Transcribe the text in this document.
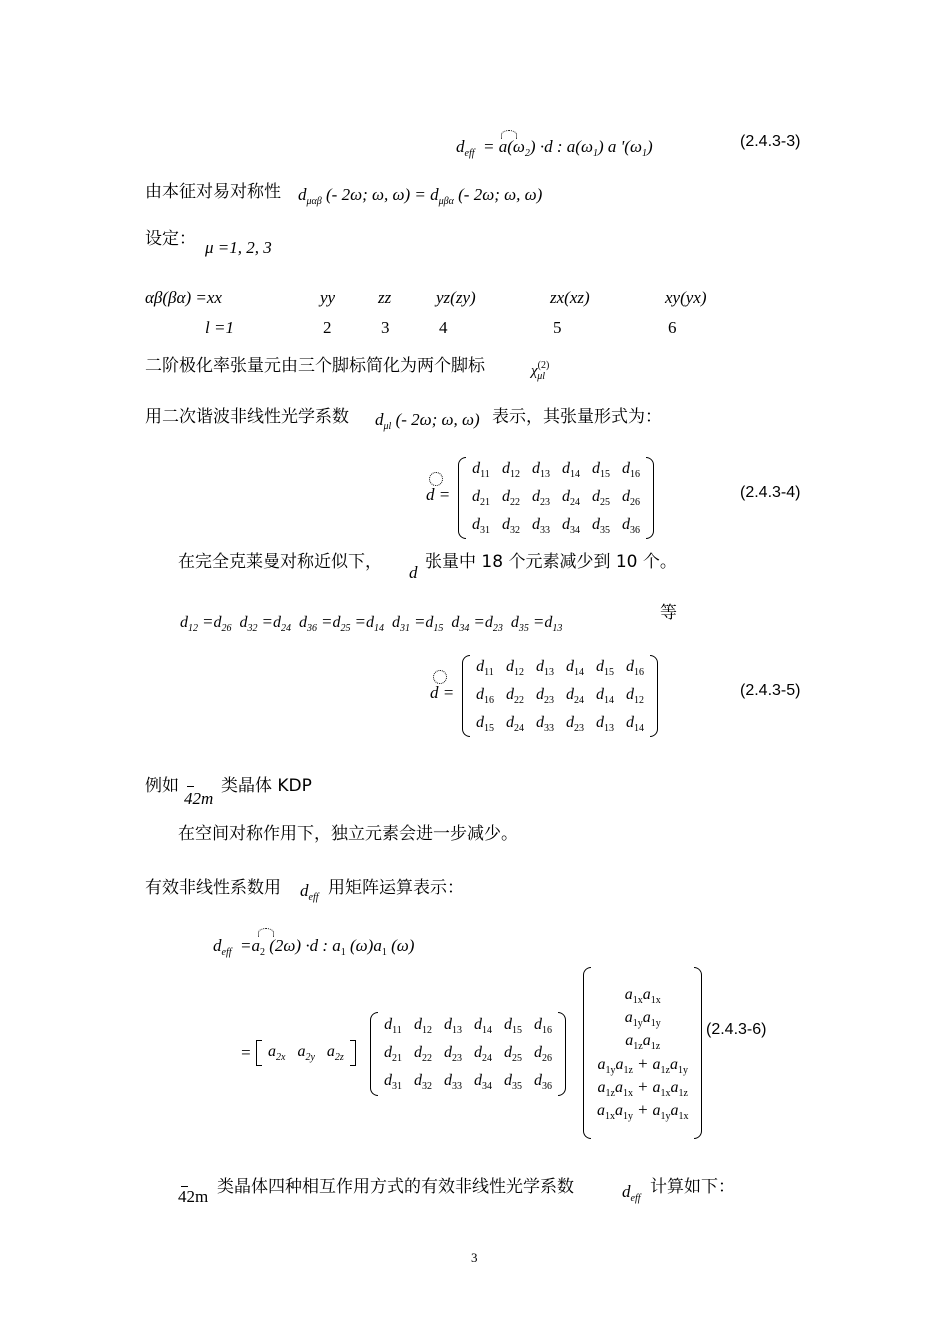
$d_{eff} = a(\omega_2) \cdot d$ : $a(\omega_1)$ a '$(\omega_1)$	(2.4.3-3)
由本征对易对称性 $d_{\mu\alpha\beta}$ (- 2ω; ω, $\omega) = d_{\mu\beta\alpha}$ (- 2ω; ω, ω)
设定： μ =1, 2, 3
αβ(βα) =xx	yy	zz	yz(zy)	zx(xz)	xy(yx)
l =1	2	3	4	5	6
二阶极化率张量元由三个脚标简化为两个脚标	$\chi^{(2)}_{\mu l}$
用二次谐波非线性光学系数 $d_{\mu l}$ (- 2ω; ω, ω) 表示，其张量形式为：
d =
$d_{11}$	$d_{12}$	$d_{13}$	$d_{14}$	$d_{15}$	$d_{16}$
$d_{21}$	$d_{22}$	$d_{23}$	$d_{24}$	$d_{25}$	$d_{26}$
$d_{31}$	$d_{32}$	$d_{33}$	$d_{34}$	$d_{35}$	$d_{36}$
(2.4.3-4)
在完全克莱曼对称近似下，
d
张量中 18 个元素减少到 10 个。
$d_{12} =d_{26}$  $d_{32} =d_{24}$  $d_{36} =d_{25} =d_{14}$  $d_{31} =d_{15}$  $d_{34} =d_{23}$  $d_{35} =d_{13}$
等
d =
$d_{11}$	$d_{12}$	$d_{13}$	$d_{14}$	$d_{15}$	$d_{16}$
$d_{16}$	$d_{22}$	$d_{23}$	$d_{24}$	$d_{14}$	$d_{12}$
$d_{15}$	$d_{24}$	$d_{33}$	$d_{23}$	$d_{13}$	$d_{14}$
(2.4.3-5)
例如
42m
类晶体 KDP
在空间对称作用下，独立元素会进一步减少。
有效非线性系数用 $d_{eff}$ 用矩阵运算表示：
$d_{eff} =a_2$ (2ω) ·d : $a_1$ $(\omega)a_1$ (ω)
=	$a_{2x}$   $a_{2y}$   $a_{2z}$
$d_{11}$	$d_{12}$	$d_{13}$	$d_{14}$	$d_{15}$	$d_{16}$
$d_{21}$	$d_{22}$	$d_{23}$	$d_{24}$	$d_{25}$	$d_{26}$
$d_{31}$	$d_{32}$	$d_{33}$	$d_{34}$	$d_{35}$	$d_{36}$
$a_{1x}a_{1x}$
$a_{1y}a_{1y}$
$a_{1z}a_{1z}$
$a_{1y}a_{1z} + a_{1z}a_{1y}$
$a_{1z}a_{1x} + a_{1x}a_{1z}$
$a_{1x}a_{1y} + a_{1y}a_{1x}$
(2.4.3-6)
42m 类晶体四种相互作用方式的有效非线性光学系数	$d_{eff}$
计算如下：
3
